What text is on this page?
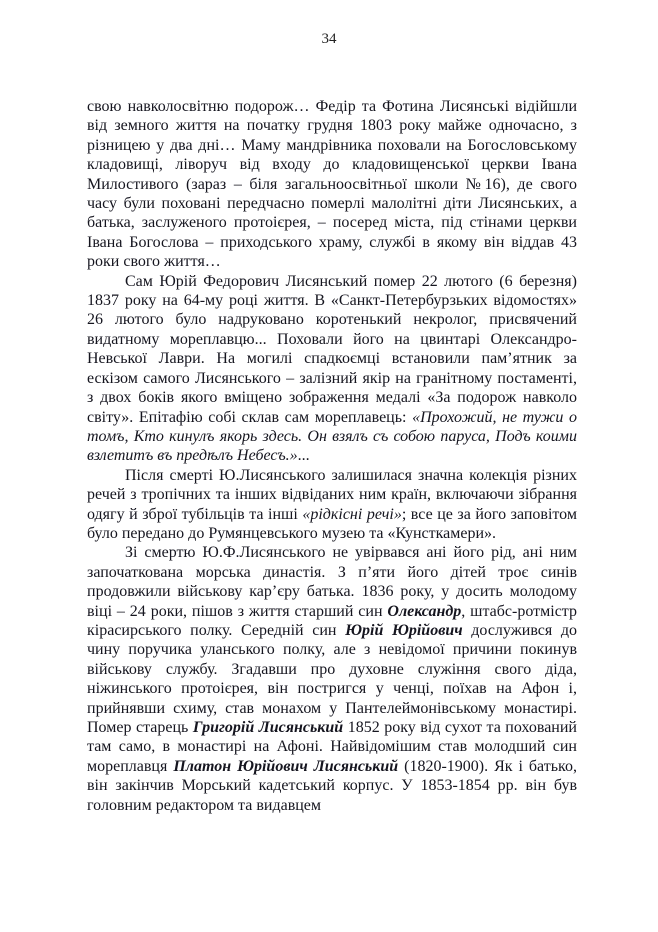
34

свою навколосвітню подорож… Федір та Фотина Лисянські відійшли від земного життя на початку грудня 1803 року майже одночасно, з різницею у два дні… Маму мандрівника поховали на Богословському кладовищі, ліворуч від входу до кладовищенської церкви Івана Милостивого (зараз – біля загальноосвітньої школи №16), де свого часу були поховані передчасно померлі малолітні діти Лисянських, а батька, заслуженого протоієрея, – посеред міста, під стінами церкви Івана Богослова – приходського храму, службі в якому він віддав 43 роки свого життя…

Сам Юрій Федорович Лисянський помер 22 лютого (6 березня) 1837 року на 64-му році життя. В «Санкт-Петербурзьких відомостях» 26 лютого було надруковано коротенький некролог, присвячений видатному мореплавцю... Поховали його на цвинтарі Олександро-Невської Лаври. На могилі спадкоємці встановили пам’ятник за ескізом самого Лисянського – залізний якір на гранітному постаменті, з двох боків якого вміщено зображення медалі «За подорож навколо світу». Епітафію собі склав сам мореплавець: «Прохожий, не тужи о томъ, Кто кинулъ якорь здесь. Он взялъ съ собою паруса, Подъ коими взлетитъ въ предѣлъ Небесъ.»...

Після смерті Ю.Лисянського залишилася значна колекція різних речей з тропічних та інших відвіданих ним країн, включаючи зібрання одягу й зброї тубільців та інші «рідкісні речі»; все це за його заповітом було передано до Румянцевського музею та «Кунсткамери».

Зі смертю Ю.Ф.Лисянського не увірвався ані його рід, ані ним започаткована морська династія. З п’яти його дітей троє синів продовжили військову кар’єру батька. 1836 року, у досить молодому віці – 24 роки, пішов з життя старший син Олександр, штабс-ротмістр кірасирського полку. Середній син Юрій Юрійович дослужився до чину поручика уланського полку, але з невідомої причини покинув військову службу. Згадавши про духовне служіння свого діда, ніжинського протоієрея, він постригся у ченці, поїхав на Афон і, прийнявши схиму, став монахом у Пантелеймонівському монастирі. Помер старець Григорій Лисянський 1852 року від сухот та похований там само, в монастирі на Афоні. Найвідомішим став молодший син мореплавця Платон Юрійович Лисянський (1820-1900). Як і батько, він закінчив Морський кадетський корпус. У 1853-1854 рр. він був головним редактором та видавцем
